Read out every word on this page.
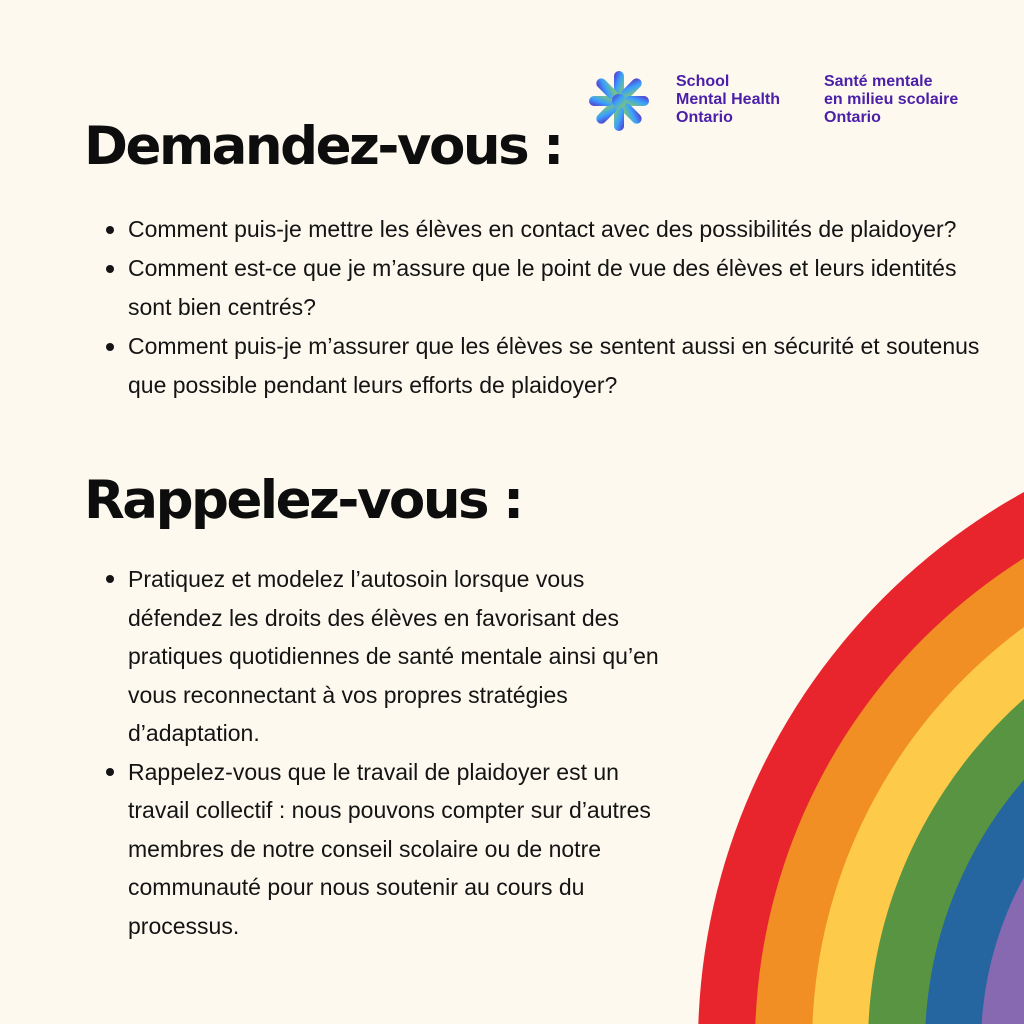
School
Mental Health
Ontario
Santé mentale
en milieu scolaire
Ontario
Demandez-vous :
Comment puis-je mettre les élèves en contact avec des possibilités de plaidoyer?
Comment est-ce que je m’assure que le point de vue des élèves et leurs identités sont bien centrés?
Comment puis-je m’assurer que les élèves se sentent aussi en sécurité et soutenus que possible pendant leurs efforts de plaidoyer?
Rappelez-vous :
Pratiquez et modelez l’autosoin lorsque vous défendez les droits des élèves en favorisant des pratiques quotidiennes de santé mentale ainsi qu’en vous reconnectant à vos propres stratégies d’adaptation.
Rappelez-vous que le travail de plaidoyer est un travail collectif : nous pouvons compter sur d’autres membres de notre conseil scolaire ou de notre communauté pour nous soutenir au cours du processus.
